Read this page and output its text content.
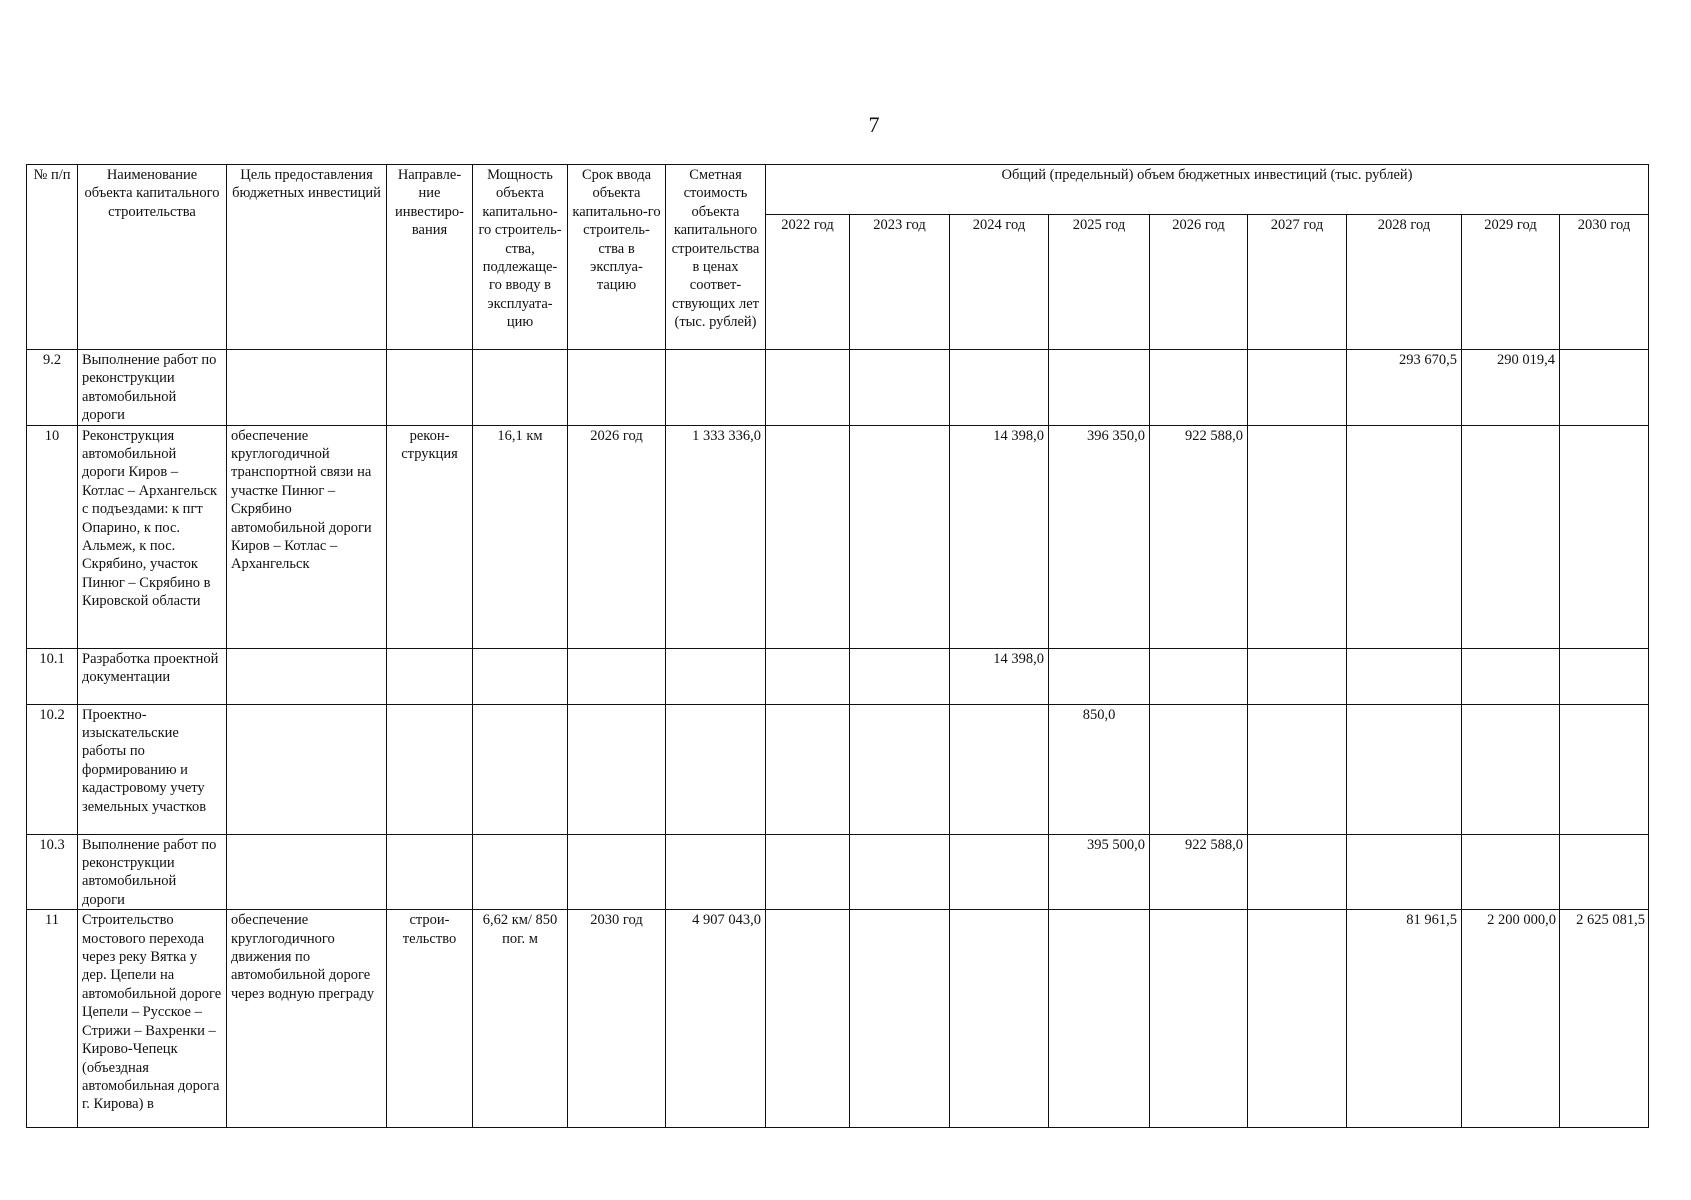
7
№ п/п	Наименование объекта капитального строительства	Цель предоставления бюджетных инвестиций	Направле-ние инвестиро-вания	Мощность объекта капитально-го строитель-ства, подлежаще-го вводу в эксплуата-цию	Срок ввода объекта капитально-го строитель-ства в эксплуа-тацию	Сметная стоимость объекта капитального строительства в ценах соответ-ствующих лет (тыс. рублей)	Общий (предельный) объем бюджетных инвестиций (тыс. рублей)								
							2022 год	2023 год	2024 год	2025 год	2026 год	2027 год	2028 год	2029 год	2030 год
9.2	Выполнение работ по реконструкции автомобильной дороги												293 670,5	290 019,4	
10	Реконструкция автомобильной дороги Киров – Котлас – Архангельск с подъездами: к пгт Опарино, к пос. Альмеж, к пос. Скрябино, участок Пинюг – Скрябино в Кировской области	обеспечение круглогодичной транспортной связи на участке Пинюг – Скрябино автомобильной дороги Киров – Котлас – Архангельск	рекон-струкция	16,1 км	2026 год	1 333 336,0			14 398,0	396 350,0	922 588,0				
10.1	Разработка проектной документации								14 398,0						
10.2	Проектно-изыскательские работы по формированию и кадастровому учету земельных участков									850,0					
10.3	Выполнение работ по реконструкции автомобильной дороги									395 500,0	922 588,0				
11	Строительство мостового перехода через реку Вятка у дер. Цепели на автомобильной дороге Цепели – Русское – Стрижи – Вахренки – Кирово-Чепецк (объездная автомобильная дорога г. Кирова) в	обеспечение круглогодичного движения по автомобильной дороге через водную преграду	строи-тельство	6,62 км/ 850 пог. м	2030 год	4 907 043,0							81 961,5	2 200 000,0	2 625 081,5
